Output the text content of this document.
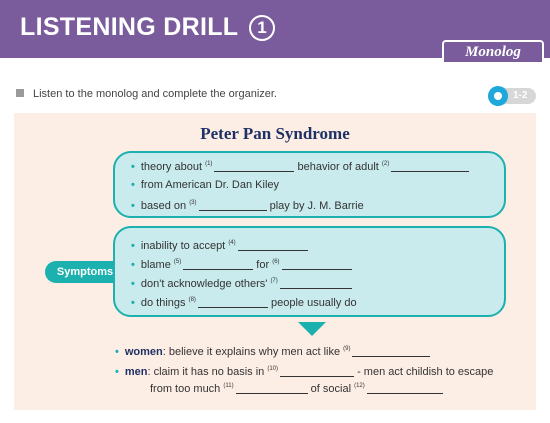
LISTENING DRILL 1
Monolog
Listen to the monolog and complete the organizer.	1-2
Peter Pan Syndrome
• theory about $^{(1)}$	behavior of adult $^{(2)}$
• from American Dr. Dan Kiley
• based on $^{(3)}$	play by J. M. Barrie
Symptoms
• inability to accept $^{(4)}$
• blame $^{(5)}$	for $^{(6)}$
• don't acknowledge others' $^{(7)}$
• do things $^{(8)}$	people usually do
• women: believe it explains why men act like $^{(9)}$
• men: claim it has no basis in $^{(10)}$	- men act childish to escape
from too much $^{(11)}$	of social $^{(12)}$
